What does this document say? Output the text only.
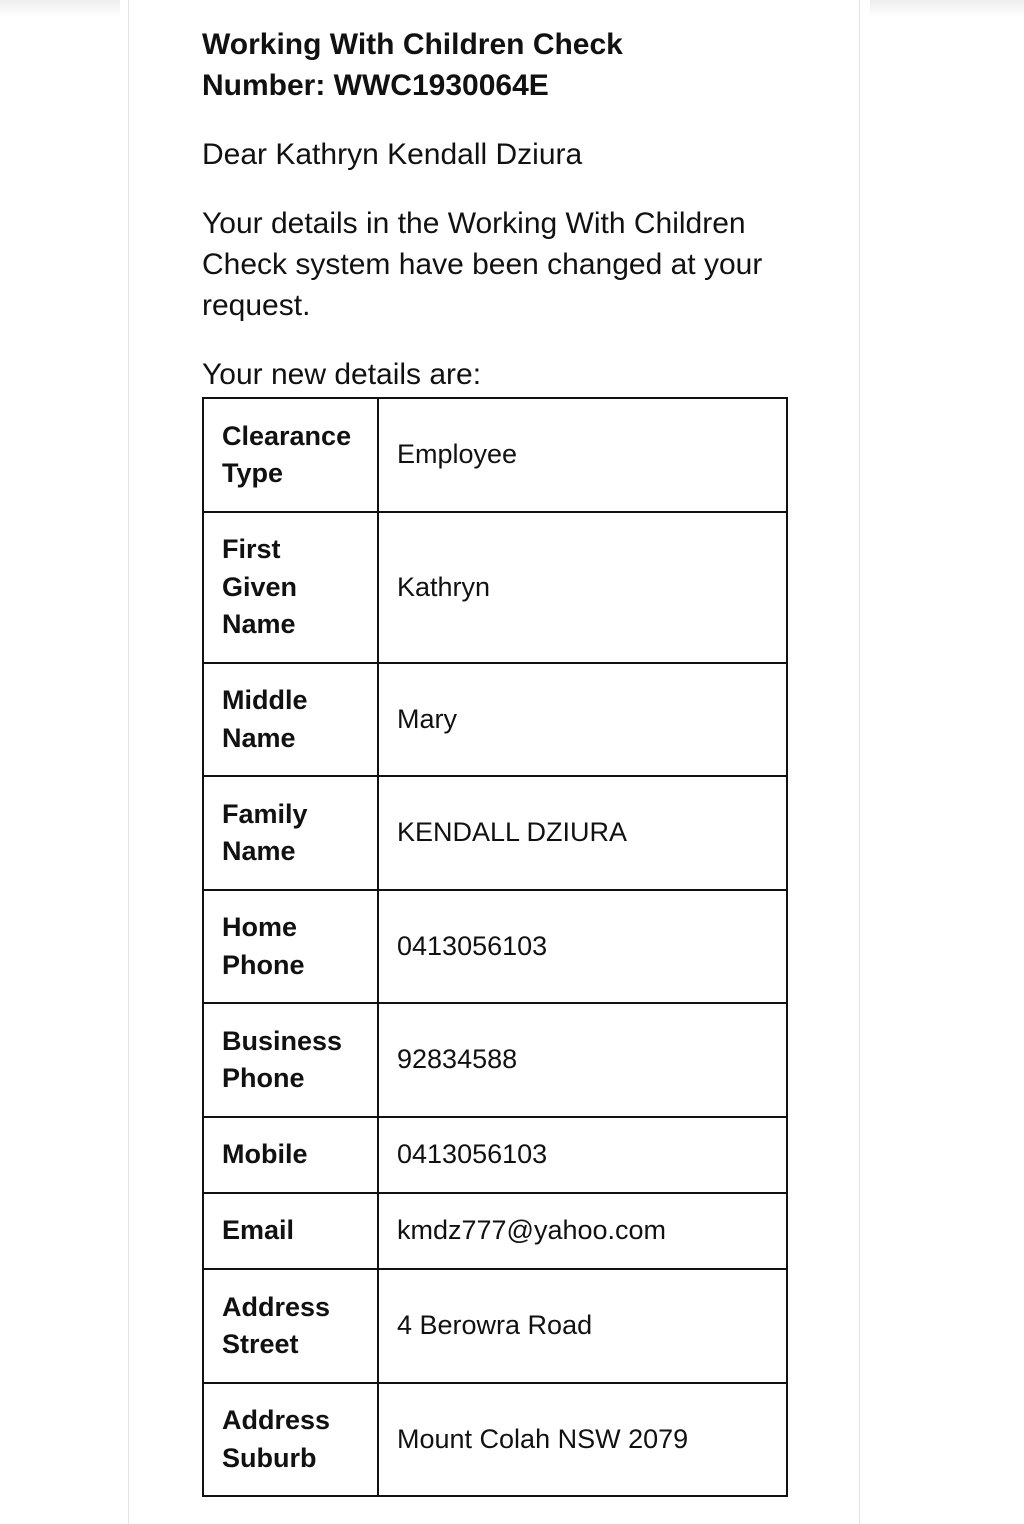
Working With Children Check Number: WWC1930064E

Dear Kathryn Kendall Dziura

Your details in the Working With Children Check system have been changed at your request.

Your new details are:

Clearance Type	Employee
First Given Name	Kathryn
Middle Name	Mary
Family Name	KENDALL DZIURA
Home Phone	0413056103
Business Phone	92834588
Mobile	0413056103
Email	kmdz777@yahoo.com
Address Street	4 Berowra Road
Address Suburb	Mount Colah NSW 2079
